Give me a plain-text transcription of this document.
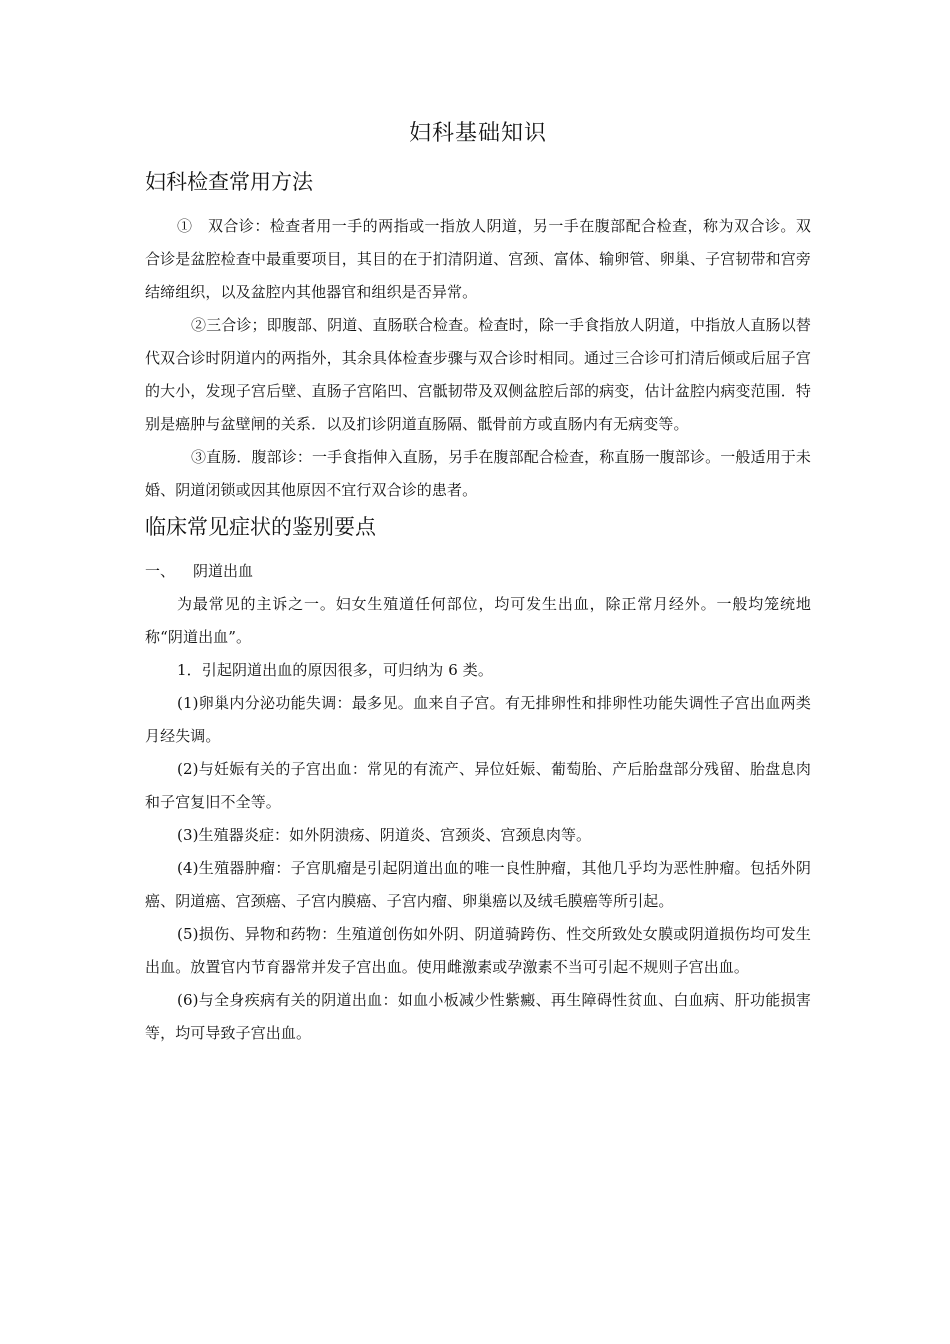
妇科基础知识
妇科检查常用方法

①　双合诊：检查者用一手的两指或一指放人阴道，另一手在腹部配合检查，称为双合诊。双合诊是盆腔检查中最重要项目，其目的在于扪清阴道、宫颈、富体、输卵管、卵巢、子宫韧带和宫旁结缔组织，以及盆腔内其他器官和组织是否异常。

②三合诊；即腹部、阴道、直肠联合检查。检查时，除一手食指放人阴道，中指放人直肠以替代双合诊时阴道内的两指外，其余具体检查步骤与双合诊时相同。通过三合诊可扪清后倾或后屈子宫的大小，发现子宫后壁、直肠子宫陷凹、宫骶韧带及双侧盆腔后部的病变，估计盆腔内病变范围．特别是癌肿与盆壁闸的关系．以及扪诊阴道直肠隔、骶骨前方或直肠内有无病变等。

③直肠．腹部诊：一手食指伸入直肠，另手在腹部配合检查，称直肠一腹部诊。一般适用于未婚、阴道闭锁或因其他原因不宜行双合诊的患者。

临床常见症状的鉴别要点
一、 阴道出血

为最常见的主诉之一。妇女生殖道任何部位，均可发生出血，除正常月经外。一般均笼统地称“阴道出血”。

1．引起阴道出血的原因很多，可归纳为 6 类。

(1)卵巢内分泌功能失调：最多见。血来自子宫。有无排卵性和排卵性功能失调性子宫出血两类月经失调。

(2)与妊娠有关的子宫出血：常见的有流产、异位妊娠、葡萄胎、产后胎盘部分残留、胎盘息肉和子宫复旧不全等。

(3)生殖器炎症：如外阴溃疡、阴道炎、宫颈炎、宫颈息肉等。

(4)生殖器肿瘤：子宫肌瘤是引起阴道出血的唯一良性肿瘤，其他几乎均为恶性肿瘤。包括外阴癌、阴道癌、宫颈癌、子宫内膜癌、子宫内瘤、卵巢癌以及绒毛膜癌等所引起。

(5)损伤、异物和药物：生殖道创伤如外阴、阴道骑跨伤、性交所致处女膜或阴道损伤均可发生出血。放置官内节育器常并发子宫出血。使用雌激素或孕激素不当可引起不规则子宫出血。

(6)与全身疾病有关的阴道出血：如血小板减少性紫癜、再生障碍性贫血、白血病、肝功能损害等，均可导致子宫出血。
